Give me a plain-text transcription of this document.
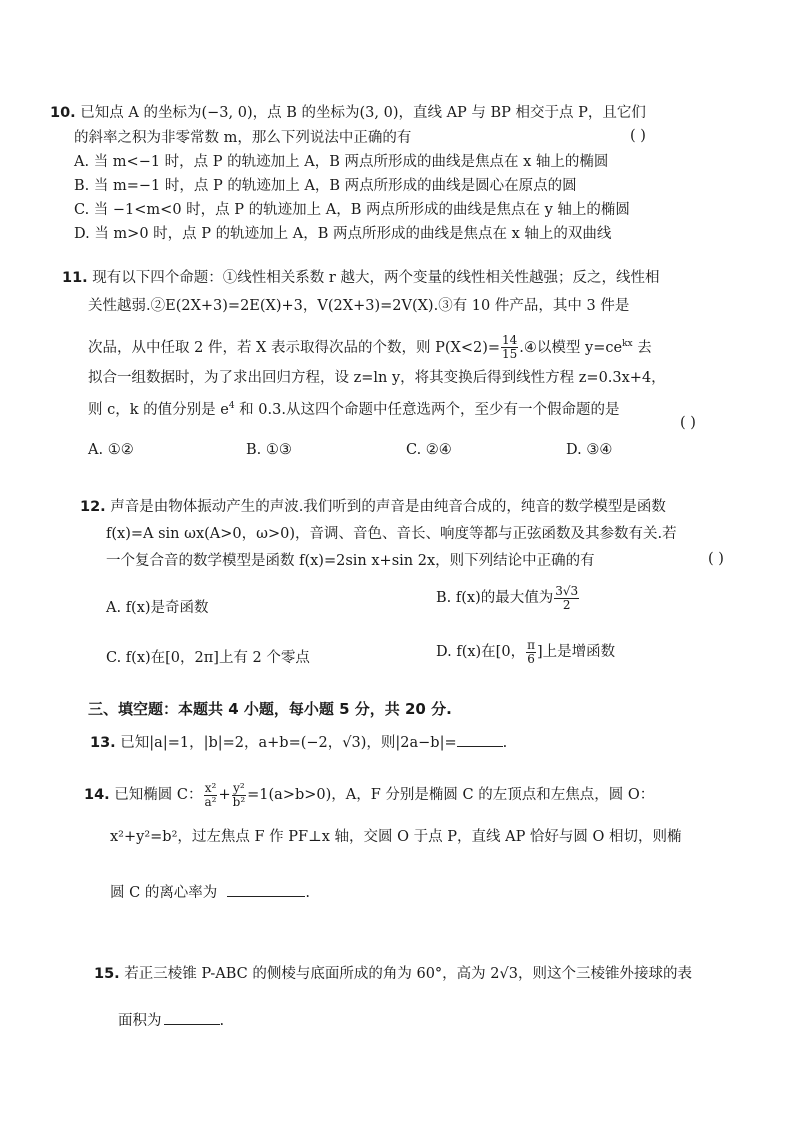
10. 已知点 A 的坐标为(−3, 0)，点 B 的坐标为(3, 0)，直线 AP 与 BP 相交于点 P，且它们
的斜率之积为非零常数 m，那么下列说法中正确的有	( )
A. 当 m<−1 时，点 P 的轨迹加上 A，B 两点所形成的曲线是焦点在 x 轴上的椭圆
B. 当 m=−1 时，点 P 的轨迹加上 A，B 两点所形成的曲线是圆心在原点的圆
C. 当 −1<m<0 时，点 P 的轨迹加上 A，B 两点所形成的曲线是焦点在 y 轴上的椭圆
D. 当 m>0 时，点 P 的轨迹加上 A，B 两点所形成的曲线是焦点在 x 轴上的双曲线
11. 现有以下四个命题：①线性相关系数 r 越大，两个变量的线性相关性越强；反之，线性相
关性越弱.②E(2X+3)=2E(X)+3，V(2X+3)=2V(X).③有 10 件产品，其中 3 件是
次品，从中任取 2 件，若 X 表示取得次品的个数，则 $P(X<2)= \frac{14}{15}$ .④以模型 $y=ce^{kx}$ 去
拟合一组数据时，为了求出回归方程，设 z=ln y，将其变换后得到线性方程 z=0.3x+4，
则 c，k 的值分别是 $e^4$ 和 0.3.从这四个命题中任意选两个，至少有一个假命题的是
( )
A. ①②	B. ①③	C. ②④	D. ③④
12. 声音是由物体振动产生的声波.我们听到的声音是由纯音合成的，纯音的数学模型是函数
f(x)=A sin ωx(A>0，ω>0)，音调、音色、音长、响度等都与正弦函数及其参数有关.若
一个复合音的数学模型是函数 f(x)=2sin x+sin 2x，则下列结论中正确的有	( )
A. f(x)是奇函数
B. f(x)的最大值为 $\frac{3√3}{2}$
C. f(x)在[0，2π]上有 2 个零点	D. f(x)在[0， $\frac{\pi}{6}$ ]上是增函数
三、填空题：本题共 4 小题，每小题 5 分，共 20 分.
13. 已知|a|=1，|b|=2，a+b=(−2，√3)，则|2a−b|=	.
14. 已知椭圆 C： $\frac{\text{x²}}{\text{a²}} + \frac{\text{y²}}{\text{b²}} =1(a>b>0)$，A，F 分别是椭圆 C 的左顶点和左焦点，圆 O：
x²+y²=b²，过左焦点 F 作 PF⊥x 轴，交圆 O 于点 P，直线 AP 恰好与圆 O 相切，则椭
圆 C 的离心率为	.
15. 若正三棱锥 P-ABC 的侧棱与底面所成的角为 60°，高为 2√3，则这个三棱锥外接球的表
面积为	.
